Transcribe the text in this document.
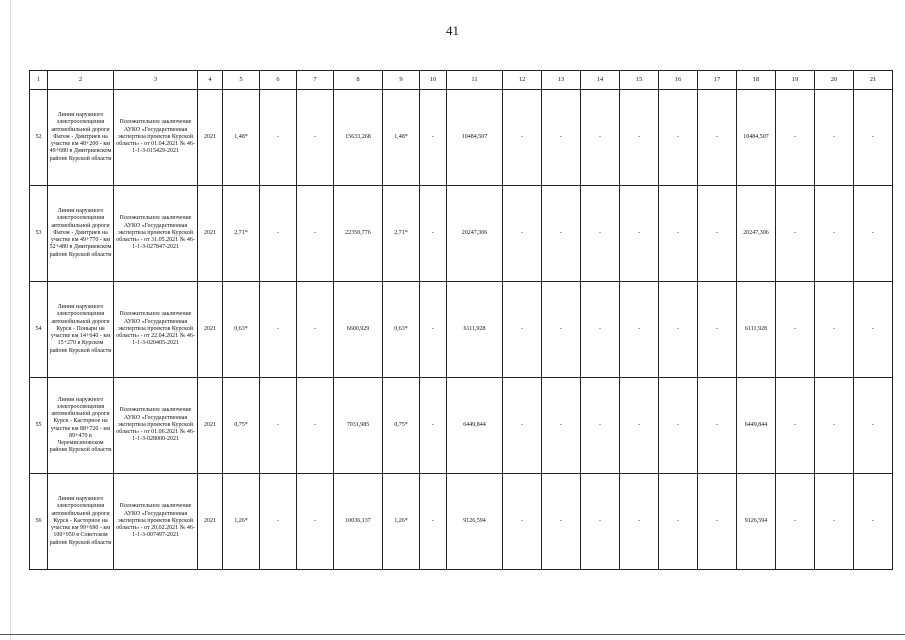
41
1	2	3	4	5	6	7	8	9	10	11	12	13	14	15	16	17	18	19	20	21
52	Линии наружного электроосвещения автомобильной дороги Фатеж - Дмитриев на участке км 48+200 - км 49+680 в Дмитриевском районе Курской области	Положительное заключение АУКО «Государственная экспертиза проектов Курской области» - от 01.04.2021 № 46-1-1-3-015429-2021	2021	1,48*	-	-	15633,268	1,48*	-	10484,507	-	-	-	-	-	-	10484,507	-	-	-
53	Линии наружного электроосвещения автомобильной дороги Фатеж - Дмитриев на участке км 49+770 - км 52+480 в Дмитриевском районе Курской области	Положительное заключение АУКО «Государственная экспертиза проектов Курской области» - от 31.05.2021 № 46-1-1-3-027847-2021	2021	2,71*	-	-	22350,776	2,71*	-	20247,306	-	-	-	-	-	-	20247,306	-	-	-
54	Линии наружного электроосвещения автомобильной дороги Курск - Поныри на участке км 14+640 - км 15+270 в Курском районе Курской области	Положительное заключение АУКО «Государственная экспертиза проектов Курской области» - от 22.04.2021 № 46-1-1-3-020405-2021	2021	0,63*	-	-	6600,929	0,63*	-	6111,928	-	-	-	-	-	-	6111,928	-	-	-
55	Линии наружного электроосвещения автомобильной дороги Курск - Касторное на участке км 88+720 - км 89+470 в Черемисиновском районе Курской области	Положительное заключение АУКО «Государственная экспертиза проектов Курской области» - от 01.06.2021 № 46-1-1-3-028000-2021	2021	0,75*	-	-	7031,985	0,75*	-	6449,844	-	-	-	-	-	-	6449,844	-	-	-
56	Линии наружного электроосвещения автомобильной дороги Курск - Касторное на участке км 99+690 - км 100+950 в Советском районе Курской области	Положительное заключение АУКО «Государственная экспертиза проектов Курской области» - от 20.02.2021 № 46-1-1-3-007497-2021	2021	1,26*	-	-	10036,137	1,26*	-	9126,594	-	-	-	-	-	-	9126,594	-	-	-
